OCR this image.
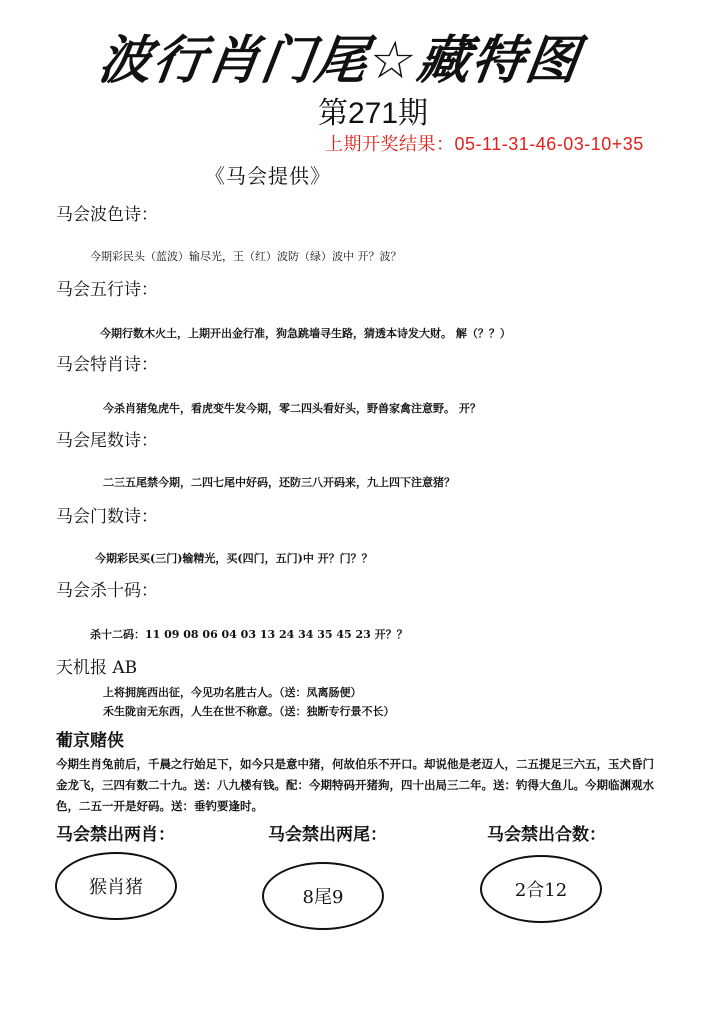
波行肖门尾☆藏特图
第271期
上期开奖结果：05-11-31-46-03-10+35
《马会提供》
马会波色诗：
今期彩民头（蓝波）输尽光，王（红）波防（绿）波中 开？波？
马会五行诗：
今期行数木火土，上期开出金行准，狗急跳墙寻生路，猜透本诗发大财。 解（？？）
马会特肖诗：
今杀肖猪兔虎牛，看虎变牛发今期，零二四头看好头，野兽家禽注意野。 开？
马会尾数诗：
二三五尾禁今期，二四七尾中好码，还防三八开码来，九上四下注意猪？
马会门数诗：
今期彩民买(三门)输精光，买(四门，五门)中 开？门？？
马会杀十码：
杀十二码：11 09 08 06 04 03 13 24 34 35 45 23 开？？
天机报 AB
上将拥旄西出征，今见功名胜古人。（送：凤离肠便）
禾生陇亩无东西，人生在世不称意。（送：独断专行景不长）
葡京赌侠
今期生肖兔前后，千晨之行始足下，如今只是意中猪，何故伯乐不开口。却说他是老迈人，二五提足三六五，玉犬昏门金龙飞，三四有数二十九。送：八九楼有钱。配：今期特码开猪狗，四十出局三二年。送：钓得大鱼儿。今期临渊观水色，二五一开是好码。送：垂钓要逢时。
马会禁出两肖：	马会禁出两尾：	马会禁出合数：
猴肖猪	8尾9	2合12
